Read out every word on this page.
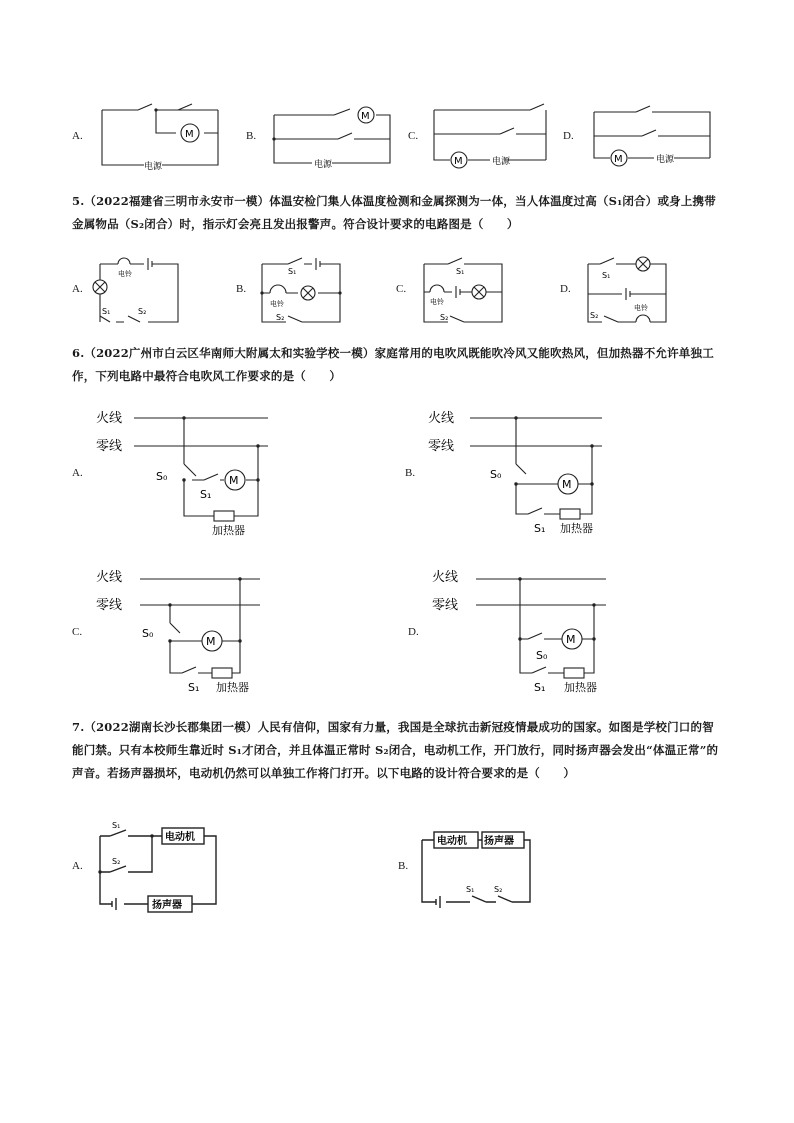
A.	M
电源
B.
M
电源
C.
M	电源
D.
M	电源
5.（2022福建省三明市永安市一模）体温安检门集人体温度检测和金属探测为一体，当人体温度过高（S₁闭合）或身上携带金属物品（S₂闭合）时，指示灯会亮且发出报警声。符合设计要求的电路图是（　　）
A.
电铃
S₁	S₂
B.
电铃
S₁
S₂
C.
电铃
S₁
S₂
D.
电铃
S₁
S₂
6.（2022广州市白云区华南师大附属太和实验学校一模）家庭常用的电吹风既能吹冷风又能吹热风，但加热器不允许单独工作，下列电路中最符合电吹风工作要求的是（　　）
A.
火线
零线
M
S₀
S₁
加热器
B.
火线
零线
M
S₀
S₁ 加热器
C.
火线
零线
M
S₀
S₁ 加热器
D.
火线
零线
M
S₀
S₁ 加热器
7.（2022湖南长沙长郡集团一模）人民有信仰，国家有力量，我国是全球抗击新冠疫情最成功的国家。如图是学校门口的智能门禁。只有本校师生靠近时 S₁才闭合，并且体温正常时 S₂闭合，电动机工作，开门放行，同时扬声器会发出“体温正常”的声音。若扬声器损坏，电动机仍然可以单独工作将门打开。以下电路的设计符合要求的是（　　）
A.
电动机
扬声器
S₁
S₂	B.
电动机 扬声器
S₁ S₂
